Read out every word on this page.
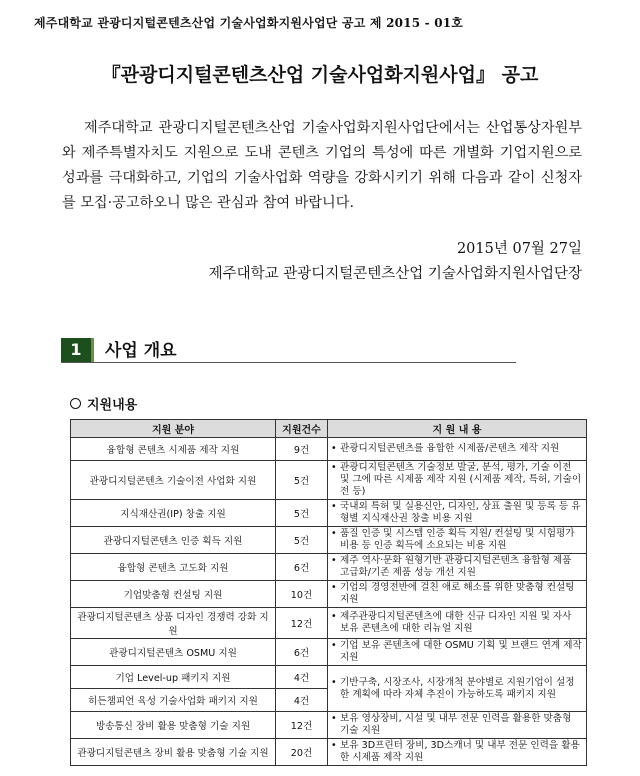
제주대학교 관광디지털콘텐츠산업 기술사업화지원사업단 공고 제 2015 - 01호
『관광디지털콘텐츠산업 기술사업화지원사업』 공고
제주대학교 관광디지털콘텐츠산업 기술사업화지원사업단에서는 산업통상자원부와 제주특별자치도 지원으로 도내 콘텐츠 기업의 특성에 따른 개별화 기업지원으로 성과를 극대화하고, 기업의 기술사업화 역량을 강화시키기 위해 다음과 같이 신청자를 모집·공고하오니 많은 관심과 참여 바랍니다.
2015년 07월 27일
제주대학교 관광디지털콘텐츠산업 기술사업화지원사업단장
1	사업 개요
지원내용
지원 분야	지원건수	지 원 내 용
융합형 콘텐츠 시제품 제작 지원	9건	• 관광디지털콘텐츠를 융합한 시제품/콘텐츠 제작 지원

관광디지털콘텐츠 기술이전 사업화 지원	5건	• 관광디지털콘텐츠 기술정보 발굴, 분석, 평가, 기술 이전 및 그에 따른 시제품 제작 지원 (시제품 제작, 특허, 기술이전 등)

지식재산권(IP) 창출 지원	5건	• 국내외 특허 및 실용신안, 디자인, 상표 출원 및 등록 등 유형별 지식재산권 창출 비용 지원

관광디지털콘텐츠 인증 획득 지원	5건	• 품질 인증 및 시스템 인증 획득 지원/ 컨설팅 및 시험평가 비용 등 인증 획득에 소요되는 비용 지원

융합형 콘텐츠 고도화 지원	6건	• 제주 역사·문화 원형기반 관광디지털콘텐츠 융합형 제품 고급화/기존 제품 성능 개선 지원

기업맞춤형 컨설팅 지원	10건	• 기업의 경영전반에 걸친 애로 해소를 위한 맞춤형 컨설팅 지원

관광디지털콘텐츠 상품 디자인 경쟁력 강화 지원	12건	• 제주관광디지털콘텐츠에 대한 신규 디자인 지원 및 자사 보유 콘텐츠에 대한 리뉴얼 지원

관광디지털콘텐츠 OSMU 지원	6건	• 기업 보유 콘텐츠에 대한 OSMU 기획 및 브랜드 연계 제작 지원

기업 Level-up 패키지 지원	4건	• 기반구축, 시장조사, 시장개척 분야별로 지원기업이 설정한 계획에 따라 자체 추진이 가능하도록 패키지 지원

히든챔피언 육성 기술사업화 패키지 지원	4건	
방송통신 장비 활용 맞춤형 기술 지원	12건	• 보유 영상장비, 시설 및 내부 전문 인력을 활용한 맞춤형 기술 지원

관광디지털콘텐츠 장비 활용 맞춤형 기술 지원	20건	• 보유 3D프린터 장비, 3D스캐너 및 내부 전문 인력을 활용한 시제품 제작 지원
